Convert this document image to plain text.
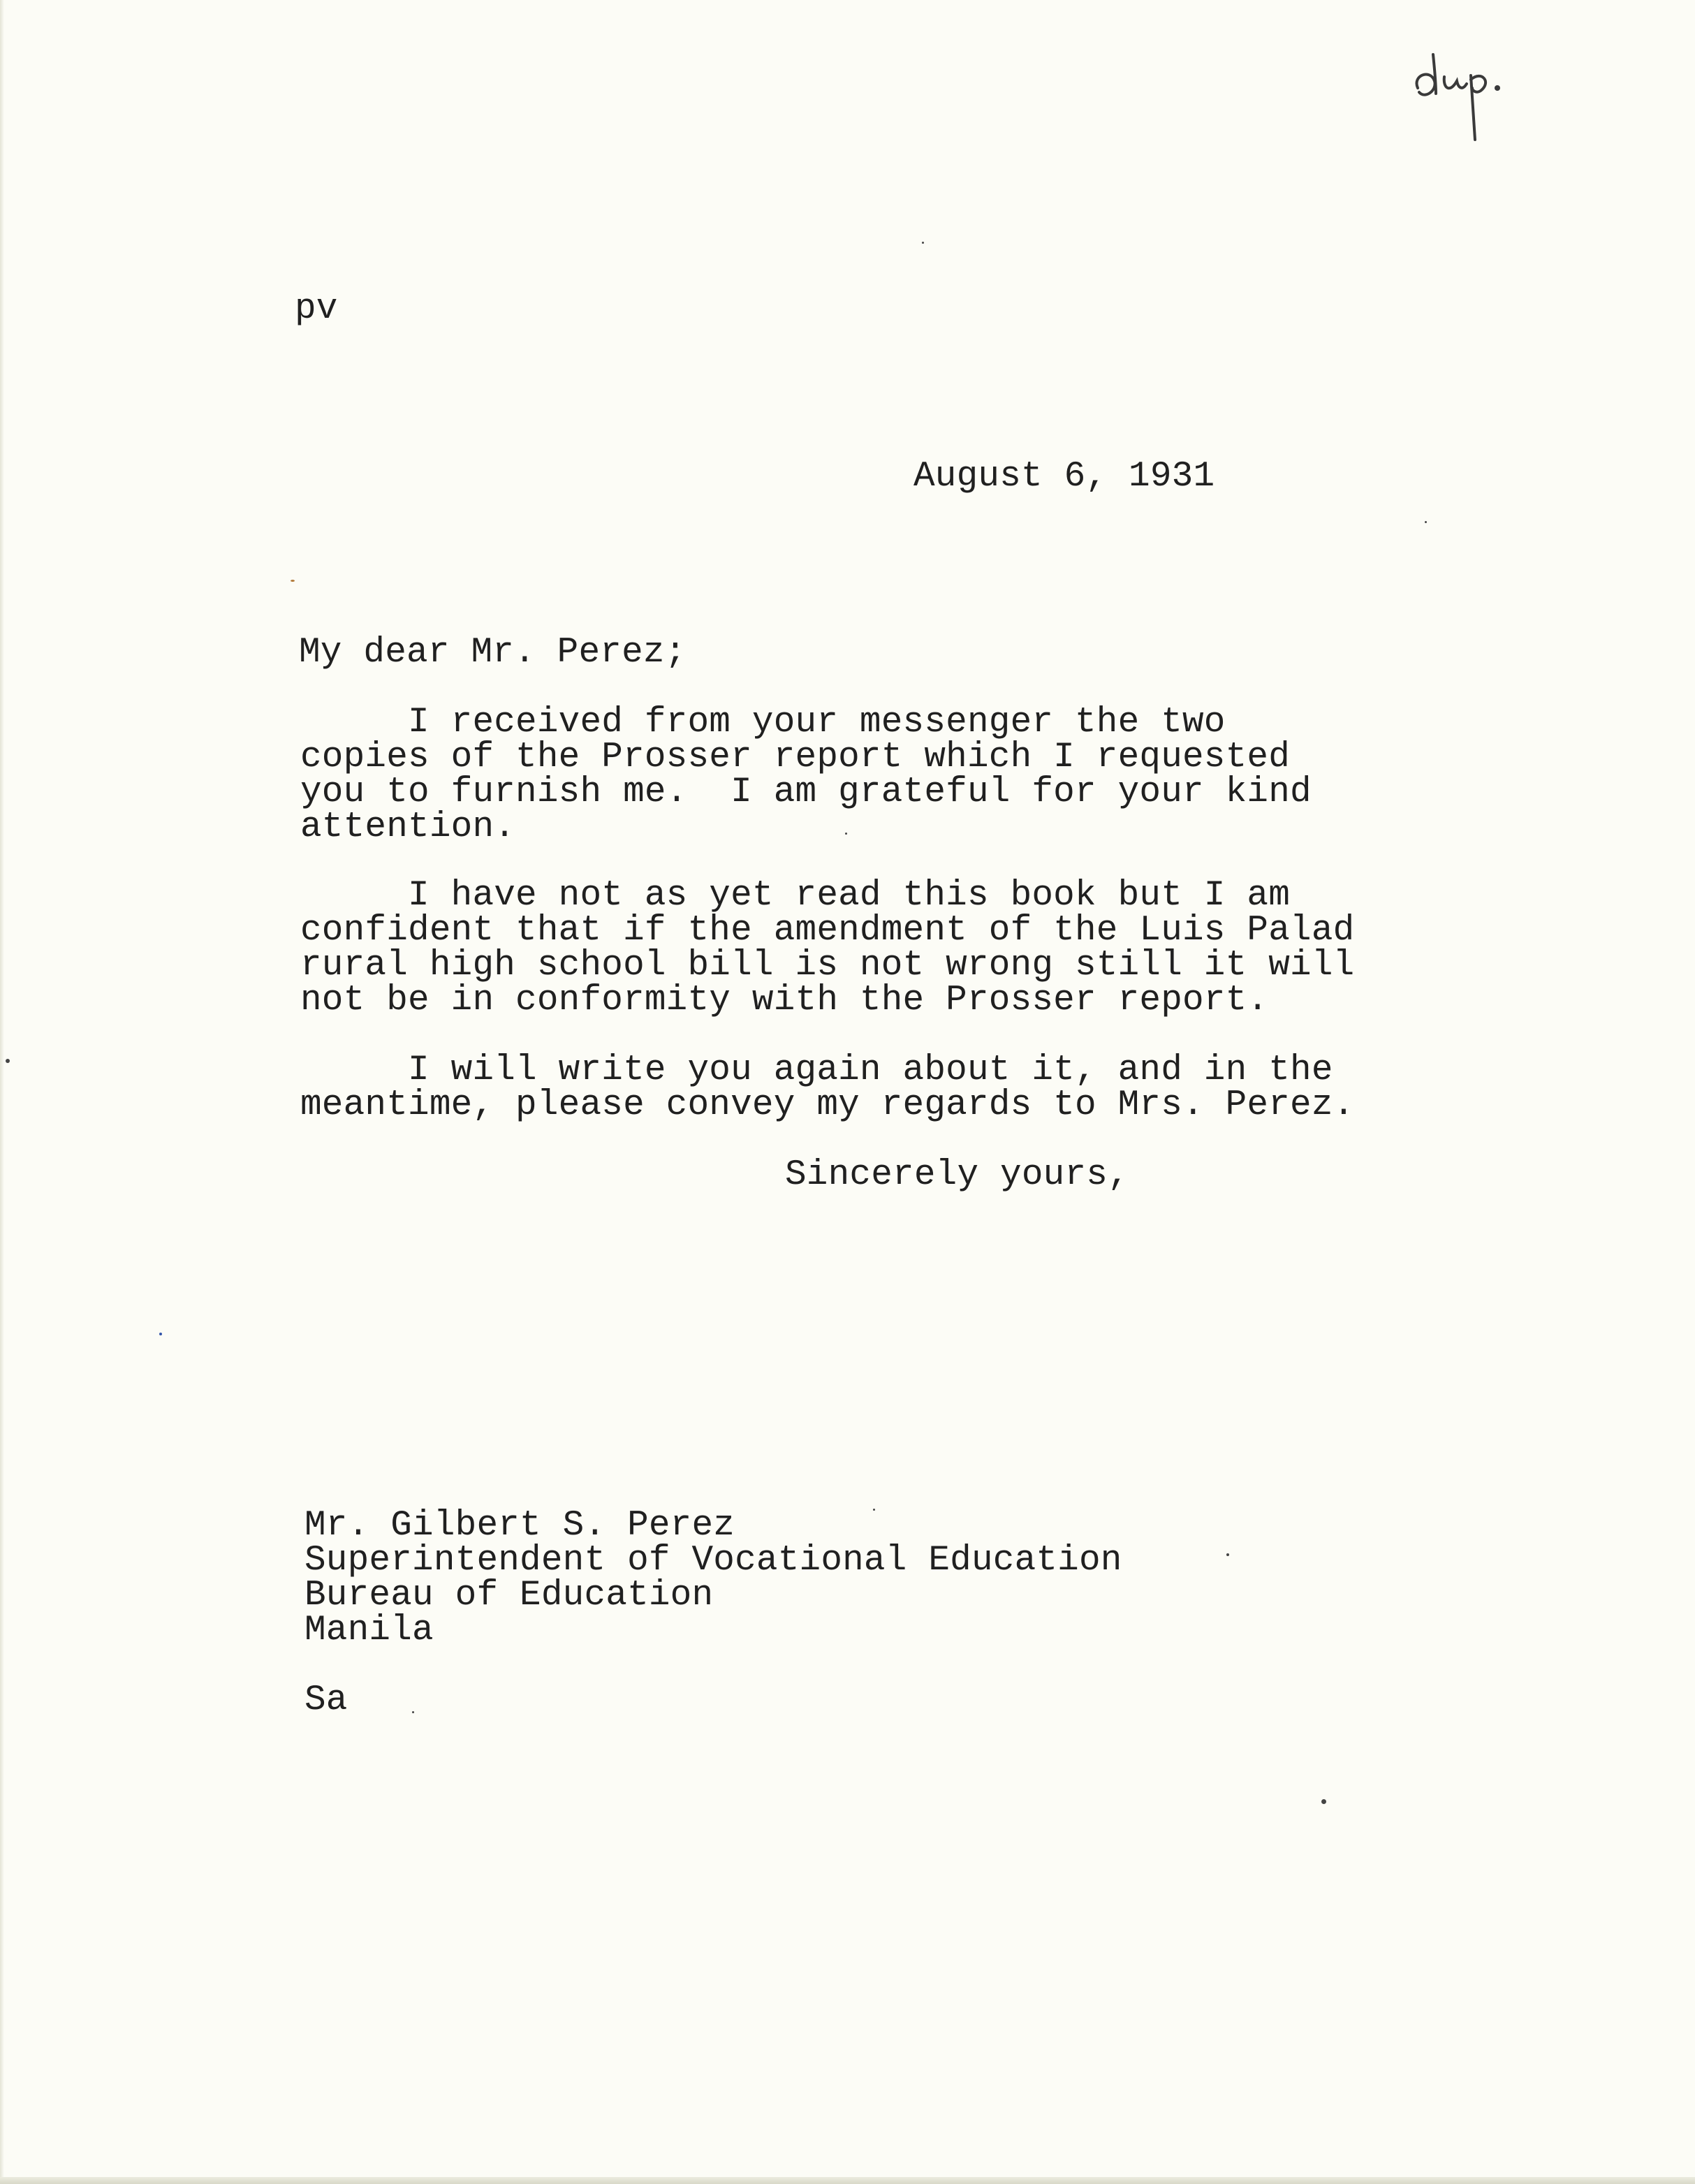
pv
August 6, 1931
My dear Mr. Perez;
I received from your messenger the two
copies of the Prosser report which I requested
you to furnish me.  I am grateful for your kind
attention.
I have not as yet read this book but I am
confident that if the amendment of the Luis Palad
rural high school bill is not wrong still it will
not be in conformity with the Prosser report.
I will write you again about it, and in the
meantime, please convey my regards to Mrs. Perez.
Sincerely yours,
Mr. Gilbert S. Perez
Superintendent of Vocational Education
Bureau of Education
Manila
Sa
